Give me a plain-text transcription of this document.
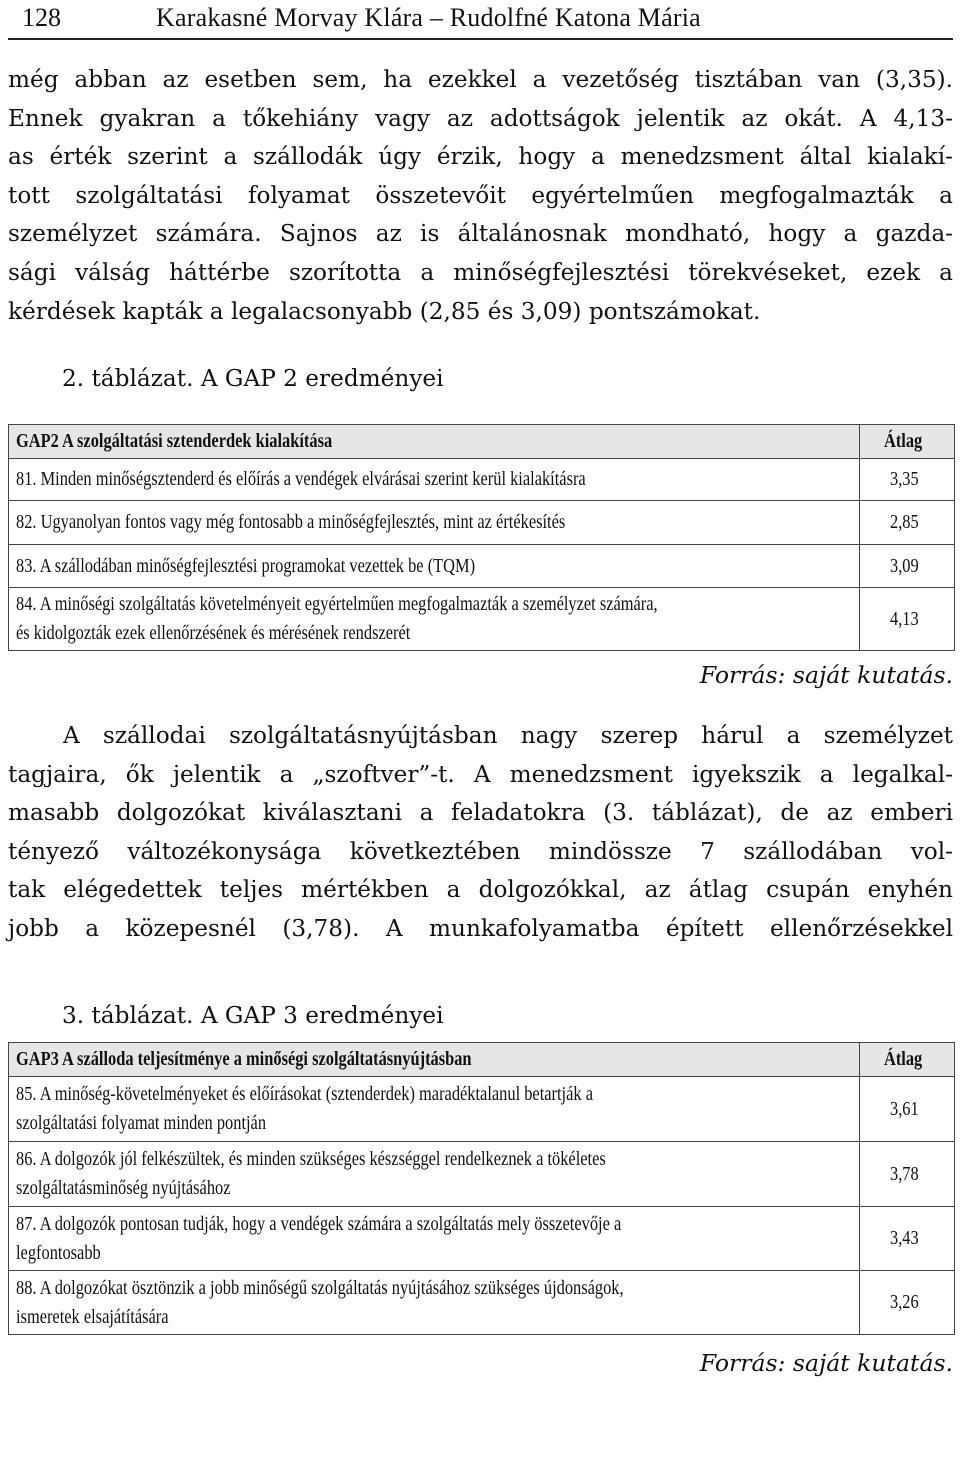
128	Karakasné Morvay Klára – Rudolfné Katona Mária
még abban az esetben sem, ha ezekkel a vezetőség tisztában van (3,35).
Ennek gyakran a tőkehiány vagy az adottságok jelentik az okát. A 4,13-
as érték szerint a szállodák úgy érzik, hogy a menedzsment által kialakí-
tott szolgáltatási folyamat összetevőit egyértelműen megfogalmazták a
személyzet számára. Sajnos az is általánosnak mondható, hogy a gazda-
sági válság háttérbe szorította a minőségfejlesztési törekvéseket, ezek a
kérdések kapták a legalacsonyabb (2,85 és 3,09) pontszámokat.
2. táblázat. A GAP 2 eredményei
GAP2 A szolgáltatási sztenderdek kialakítása	Átlag
81. Minden minőségsztenderd és előírás a vendégek elvárásai szerint kerül kialakításra	3,35
82. Ugyanolyan fontos vagy még fontosabb a minőségfejlesztés, mint az értékesítés	2,85
83. A szállodában minőségfejlesztési programokat vezettek be (TQM)	3,09
84. A minőségi szolgáltatás követelményeit egyértelműen megfogalmazták a személyzet számára,
és kidolgozták ezek ellenőrzésének és mérésének rendszerét	4,13
Forrás: saját kutatás.
A szállodai szolgáltatásnyújtásban nagy szerep hárul a személyzet
tagjaira, ők jelentik a „szoftver”-t. A menedzsment igyekszik a legalkal-
masabb dolgozókat kiválasztani a feladatokra (3. táblázat), de az emberi
tényező változékonysága következtében mindössze 7 szállodában vol-
tak elégedettek teljes mértékben a dolgozókkal, az átlag csupán enyhén
jobb a közepesnél (3,78). A munkafolyamatba épített ellenőrzésekkel
3. táblázat. A GAP 3 eredményei
GAP3 A szálloda teljesítménye a minőségi szolgáltatásnyújtásban	Átlag
85. A minőség-követelményeket és előírásokat (sztenderdek) maradéktalanul betartják a
szolgáltatási folyamat minden pontján	3,61
86. A dolgozók jól felkészültek, és minden szükséges készséggel rendelkeznek a tökéletes
szolgáltatásminőség nyújtásához	3,78
87. A dolgozók pontosan tudják, hogy a vendégek számára a szolgáltatás mely összetevője a
legfontosabb	3,43
88. A dolgozókat ösztönzik a jobb minőségű szolgáltatás nyújtásához szükséges újdonságok,
ismeretek elsajátítására	3,26
Forrás: saját kutatás.
